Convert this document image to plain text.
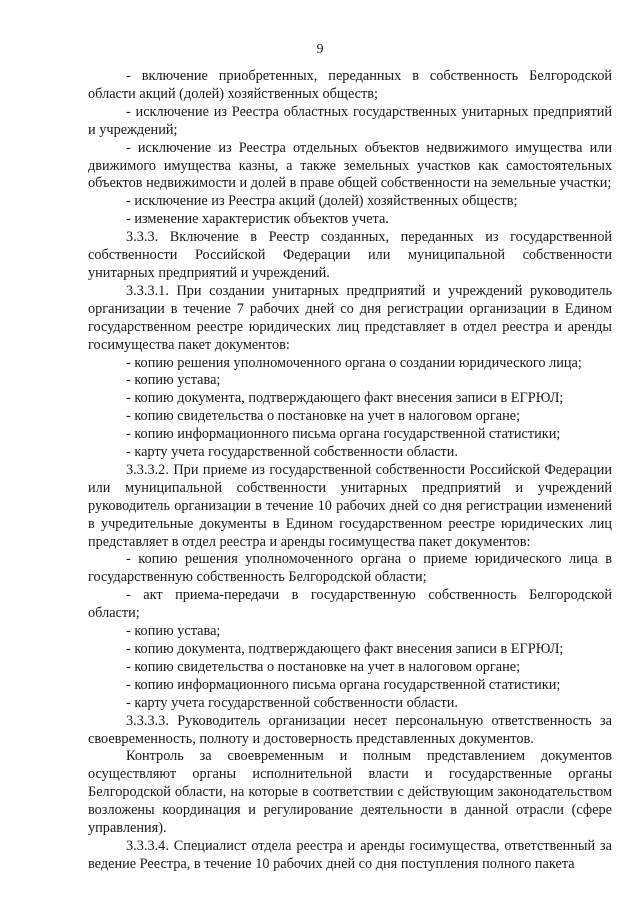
9

- включение приобретенных, переданных в собственность Белгородской области акций (долей) хозяйственных обществ;

- исключение из Реестра областных государственных унитарных предприятий и учреждений;

- исключение из Реестра отдельных объектов недвижимого имущества или движимого имущества казны, а также земельных участков как самостоятельных объектов недвижимости и долей в праве общей собственности на земельные участки;

- исключение из Реестра акций (долей) хозяйственных обществ;

- изменение характеристик объектов учета.

3.3.3. Включение в Реестр созданных, переданных из государственной собственности Российской Федерации или муниципальной собственности унитарных предприятий и учреждений.

3.3.3.1. При создании унитарных предприятий и учреждений руководитель организации в течение 7 рабочих дней со дня регистрации организации в Едином государственном реестре юридических лиц представляет в отдел реестра и аренды госимущества пакет документов:

- копию решения уполномоченного органа о создании юридического лица;

- копию устава;

- копию документа, подтверждающего факт внесения записи в ЕГРЮЛ;

- копию свидетельства о постановке на учет в налоговом органе;

- копию информационного письма органа государственной статистики;

- карту учета государственной собственности области.

3.3.3.2. При приеме из государственной собственности Российской Федерации или муниципальной собственности унитарных предприятий и учреждений руководитель организации в течение 10 рабочих дней со дня регистрации изменений в учредительные документы в Едином государственном реестре юридических лиц представляет в отдел реестра и аренды госимущества пакет документов:

- копию решения уполномоченного органа о приеме юридического лица в государственную собственность Белгородской области;

- акт приема-передачи в государственную собственность Белгородской области;

- копию устава;

- копию документа, подтверждающего факт внесения записи в ЕГРЮЛ;

- копию свидетельства о постановке на учет в налоговом органе;

- копию информационного письма органа государственной статистики;

- карту учета государственной собственности области.

3.3.3.3. Руководитель организации несет персональную ответственность за своевременность, полноту и достоверность представленных документов.

Контроль за своевременным и полным представлением документов осуществляют органы исполнительной власти и государственные органы Белгородской области, на которые в соответствии с действующим законодательством возложены координация и регулирование деятельности в данной отрасли (сфере управления).

3.3.3.4. Специалист отдела реестра и аренды госимущества, ответственный за ведение Реестра, в течение 10 рабочих дней со дня поступления полного пакета
